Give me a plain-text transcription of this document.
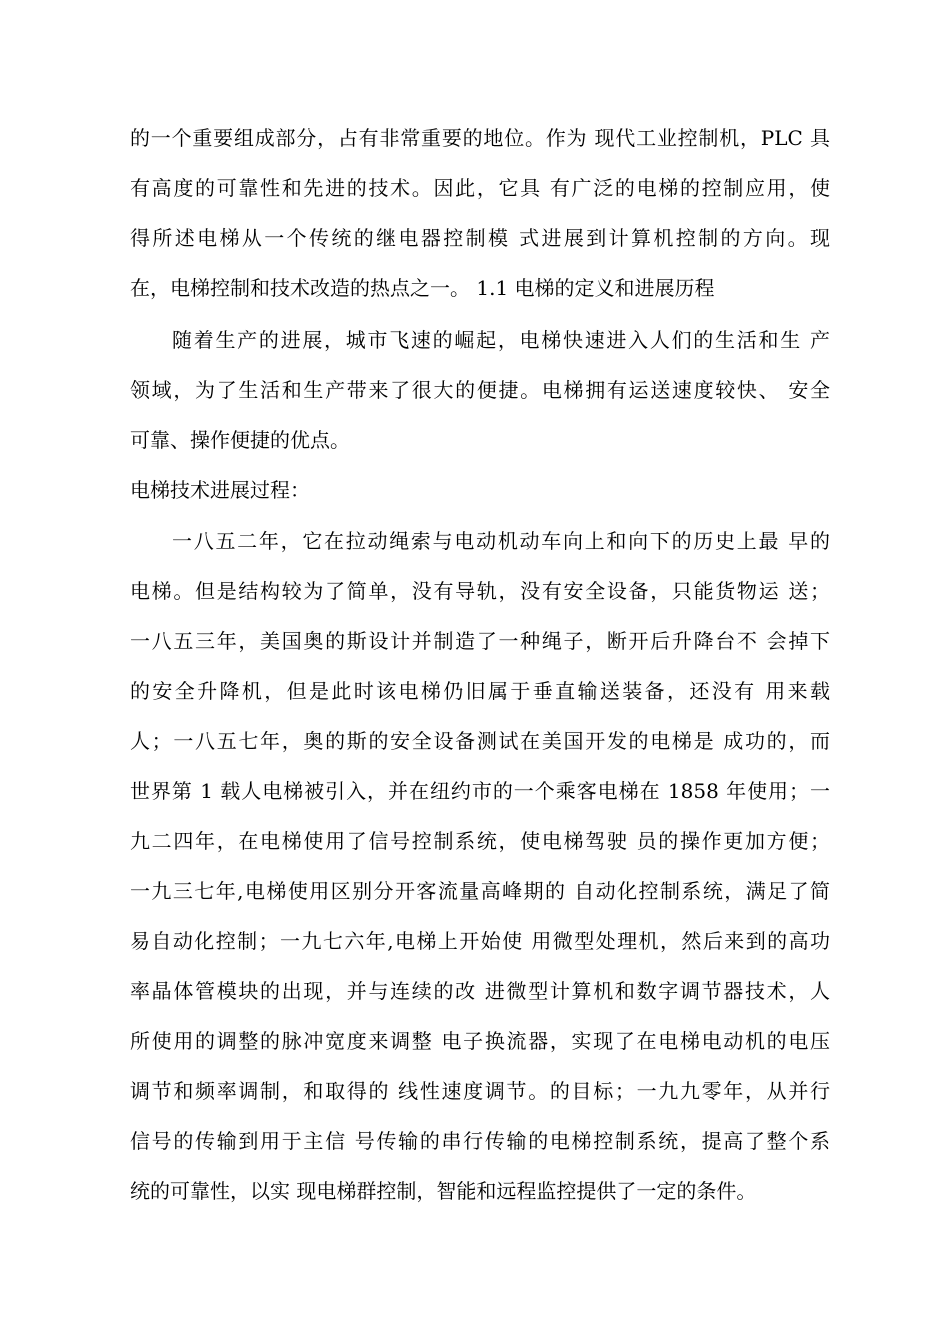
的一个重要组成部分，占有非常重要的地位。作为 现代工业控制机，PLC 具
有高度的可靠性和先进的技术。因此，它具 有广泛的电梯的控制应用，使
得所述电梯从一个传统的继电器控制模 式进展到计算机控制的方向。现
在，电梯控制和技术改造的热点之一。 1.1 电梯的定义和进展历程
随着生产的进展，城市飞速的崛起，电梯快速进入人们的生活和生 产
领域，为了生活和生产带来了很大的便捷。电梯拥有运送速度较快、 安全
可靠、操作便捷的优点。
电梯技术进展过程：
一八五二年，它在拉动绳索与电动机动车向上和向下的历史上最 早的
电梯。但是结构较为了简单，没有导轨，没有安全设备，只能货物运 送；
一八五三年，美国奥的斯设计并制造了一种绳子，断开后升降台不 会掉下
的安全升降机，但是此时该电梯仍旧属于垂直输送装备，还没有 用来载
人；一八五七年，奥的斯的安全设备测试在美国开发的电梯是 成功的，而
世界第 1 载人电梯被引入，并在纽约市的一个乘客电梯在 1858 年使用；一
九二四年，在电梯使用了信号控制系统，使电梯驾驶 员的操作更加方便；
一九三七年,电梯使用区别分开客流量高峰期的 自动化控制系统，满足了简
易自动化控制；一九七六年,电梯上开始使 用微型处理机，然后来到的高功
率晶体管模块的出现，并与连续的改 进微型计算机和数字调节器技术，人
所使用的调整的脉冲宽度来调整 电子换流器，实现了在电梯电动机的电压
调节和频率调制，和取得的 线性速度调节。的目标；一九九零年，从并行
信号的传输到用于主信 号传输的串行传输的电梯控制系统，提高了整个系
统的可靠性，以实 现电梯群控制，智能和远程监控提供了一定的条件。
